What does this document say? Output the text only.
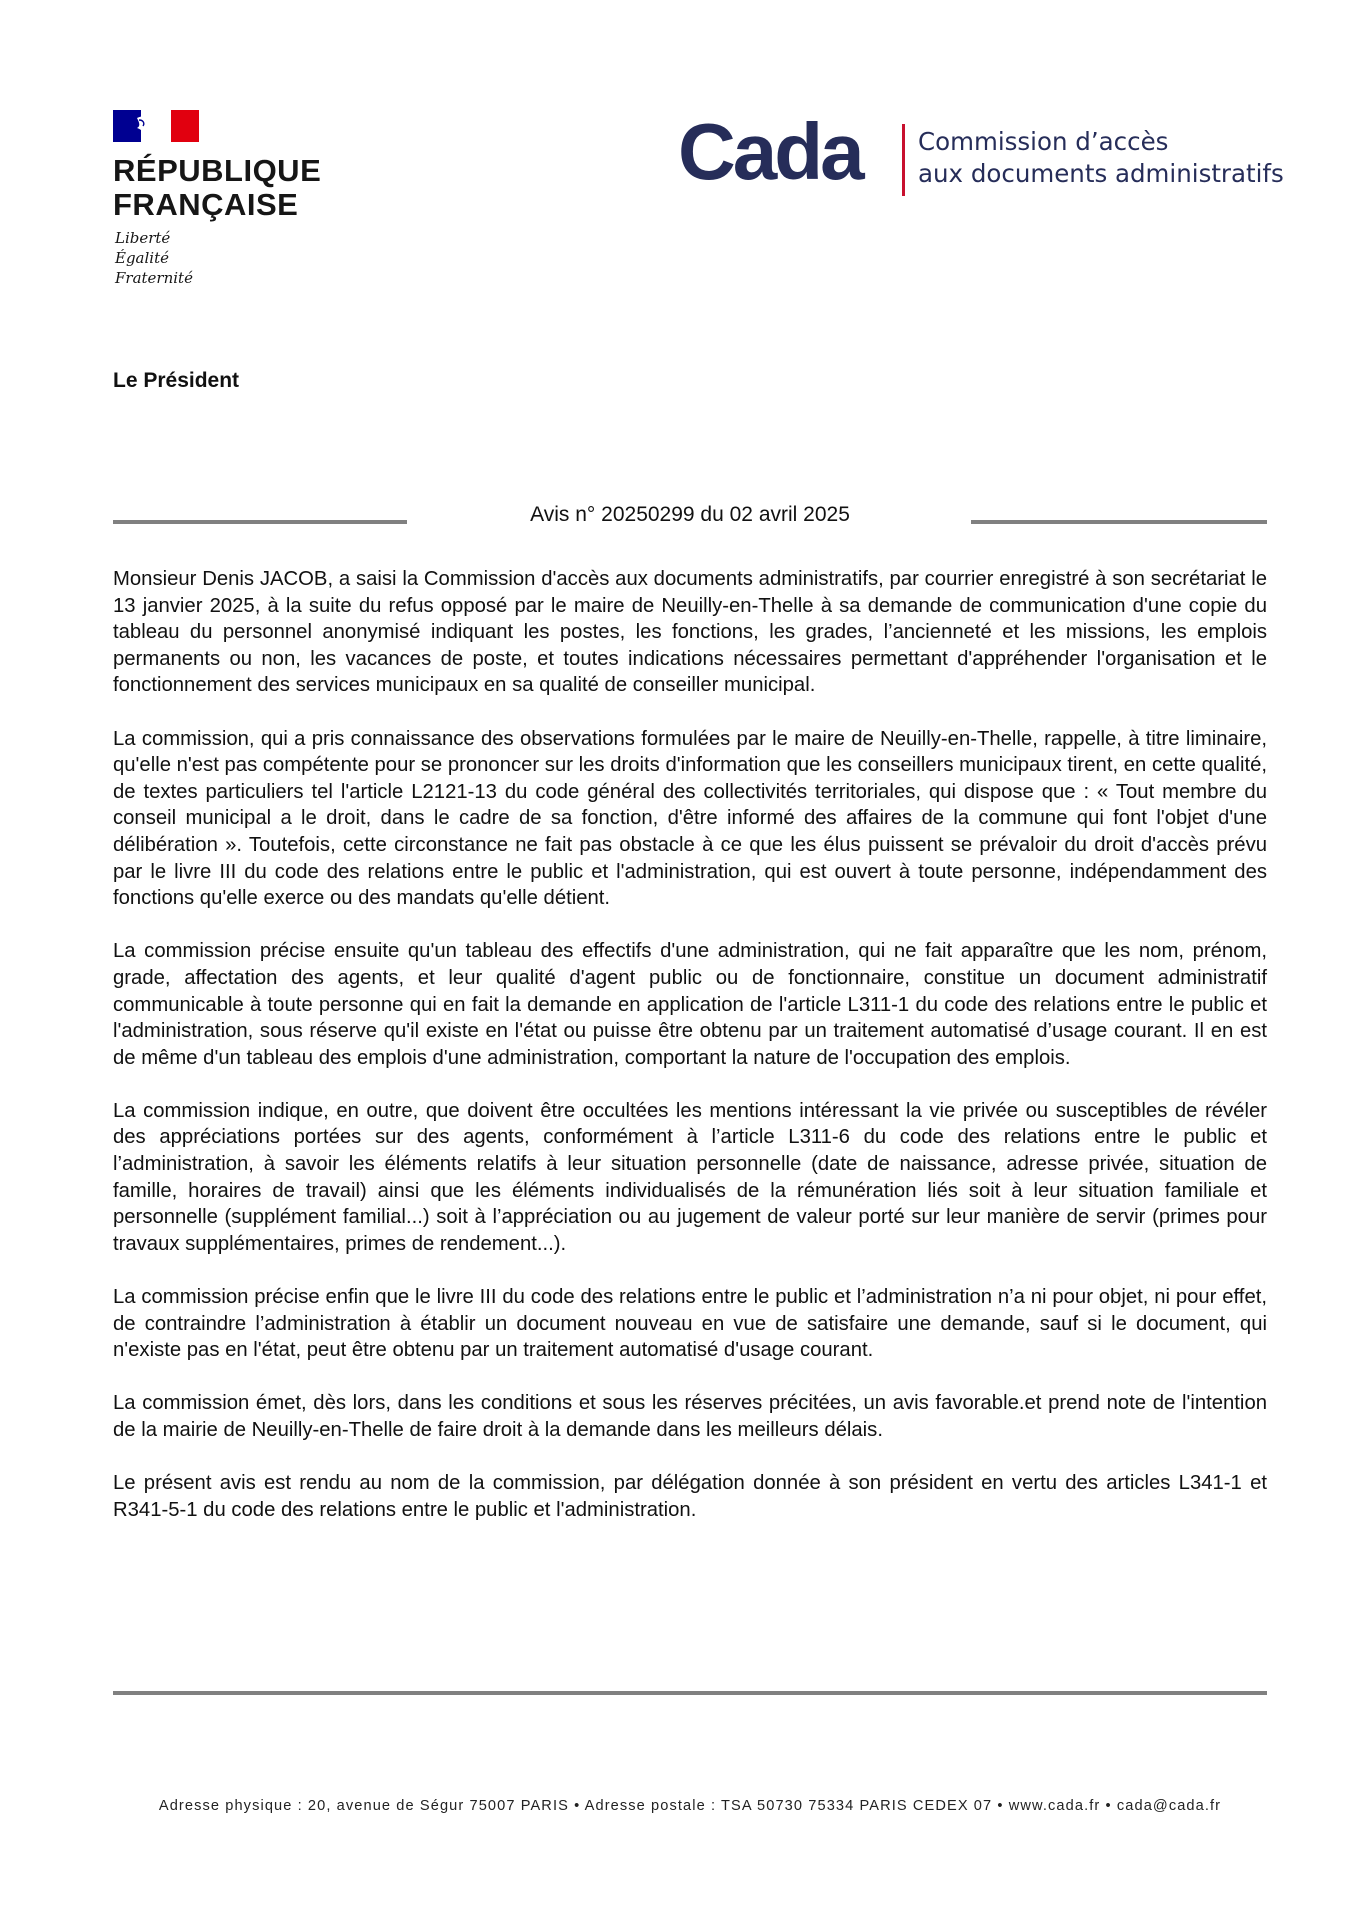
RÉPUBLIQUE
FRANÇAISE
Liberté
Égalité
Fraternité
Cada Commission d’accès
aux documents administratifs
Le Président
Avis n° 20250299 du 02 avril 2025

Monsieur Denis JACOB, a saisi la Commission d'accès aux documents administratifs, par courrier enregistré à son secrétariat le 13 janvier 2025, à la suite du refus opposé par le maire de Neuilly-en-Thelle à sa demande de communication d'une copie du tableau du personnel anonymisé indiquant les postes, les fonctions, les grades, l’ancienneté et les missions, les emplois permanents ou non, les vacances de poste, et toutes indications nécessaires permettant d'appréhender l'organisation et le fonctionnement des services municipaux en sa qualité de conseiller municipal.

La commission, qui a pris connaissance des observations formulées par le maire de Neuilly-en-Thelle, rappelle, à titre liminaire, qu'elle n'est pas compétente pour se prononcer sur les droits d'information que les conseillers municipaux tirent, en cette qualité, de textes particuliers tel l'article L2121-13 du code général des collectivités territoriales, qui dispose que : « Tout membre du conseil municipal a le droit, dans le cadre de sa fonction, d'être informé des affaires de la commune qui font l'objet d'une délibération ». Toutefois, cette circonstance ne fait pas obstacle à ce que les élus puissent se prévaloir du droit d'accès prévu par le livre III du code des relations entre le public et l'administration, qui est ouvert à toute personne, indépendamment des fonctions qu'elle exerce ou des mandats qu'elle détient.

La commission précise ensuite qu'un tableau des effectifs d'une administration, qui ne fait apparaître que les nom, prénom, grade, affectation des agents, et leur qualité d'agent public ou de fonctionnaire, constitue un document administratif communicable à toute personne qui en fait la demande en application de l'article L311-1 du code des relations entre le public et l'administration, sous réserve qu'il existe en l'état ou puisse être obtenu par un traitement automatisé d’usage courant. Il en est de même d'un tableau des emplois d'une administration, comportant la nature de l'occupation des emplois.

La commission indique, en outre, que doivent être occultées les mentions intéressant la vie privée ou susceptibles de révéler des appréciations portées sur des agents, conformément à l’article L311-6 du code des relations entre le public et l’administration, à savoir les éléments relatifs à leur situation personnelle (date de naissance, adresse privée, situation de famille, horaires de travail) ainsi que les éléments individualisés de la rémunération liés soit à leur situation familiale et personnelle (supplément familial...) soit à l’appréciation ou au jugement de valeur porté sur leur manière de servir (primes pour travaux supplémentaires, primes de rendement...).

La commission précise enfin que le livre III du code des relations entre le public et l’administration n’a ni pour objet, ni pour effet, de contraindre l’administration à établir un document nouveau en vue de satisfaire une demande, sauf si le document, qui n'existe pas en l'état, peut être obtenu par un traitement automatisé d'usage courant.

La commission émet, dès lors, dans les conditions et sous les réserves précitées, un avis favorable.et prend note de l'intention de la mairie de Neuilly-en-Thelle de faire droit à la demande dans les meilleurs délais.

Le présent avis est rendu au nom de la commission, par délégation donnée à son président en vertu des articles L341-1 et R341-5-1 du code des relations entre le public et l'administration.

Adresse physique : 20, avenue de Ségur 75007 PARIS • Adresse postale : TSA 50730 75334 PARIS CEDEX 07 • www.cada.fr • cada@cada.fr
